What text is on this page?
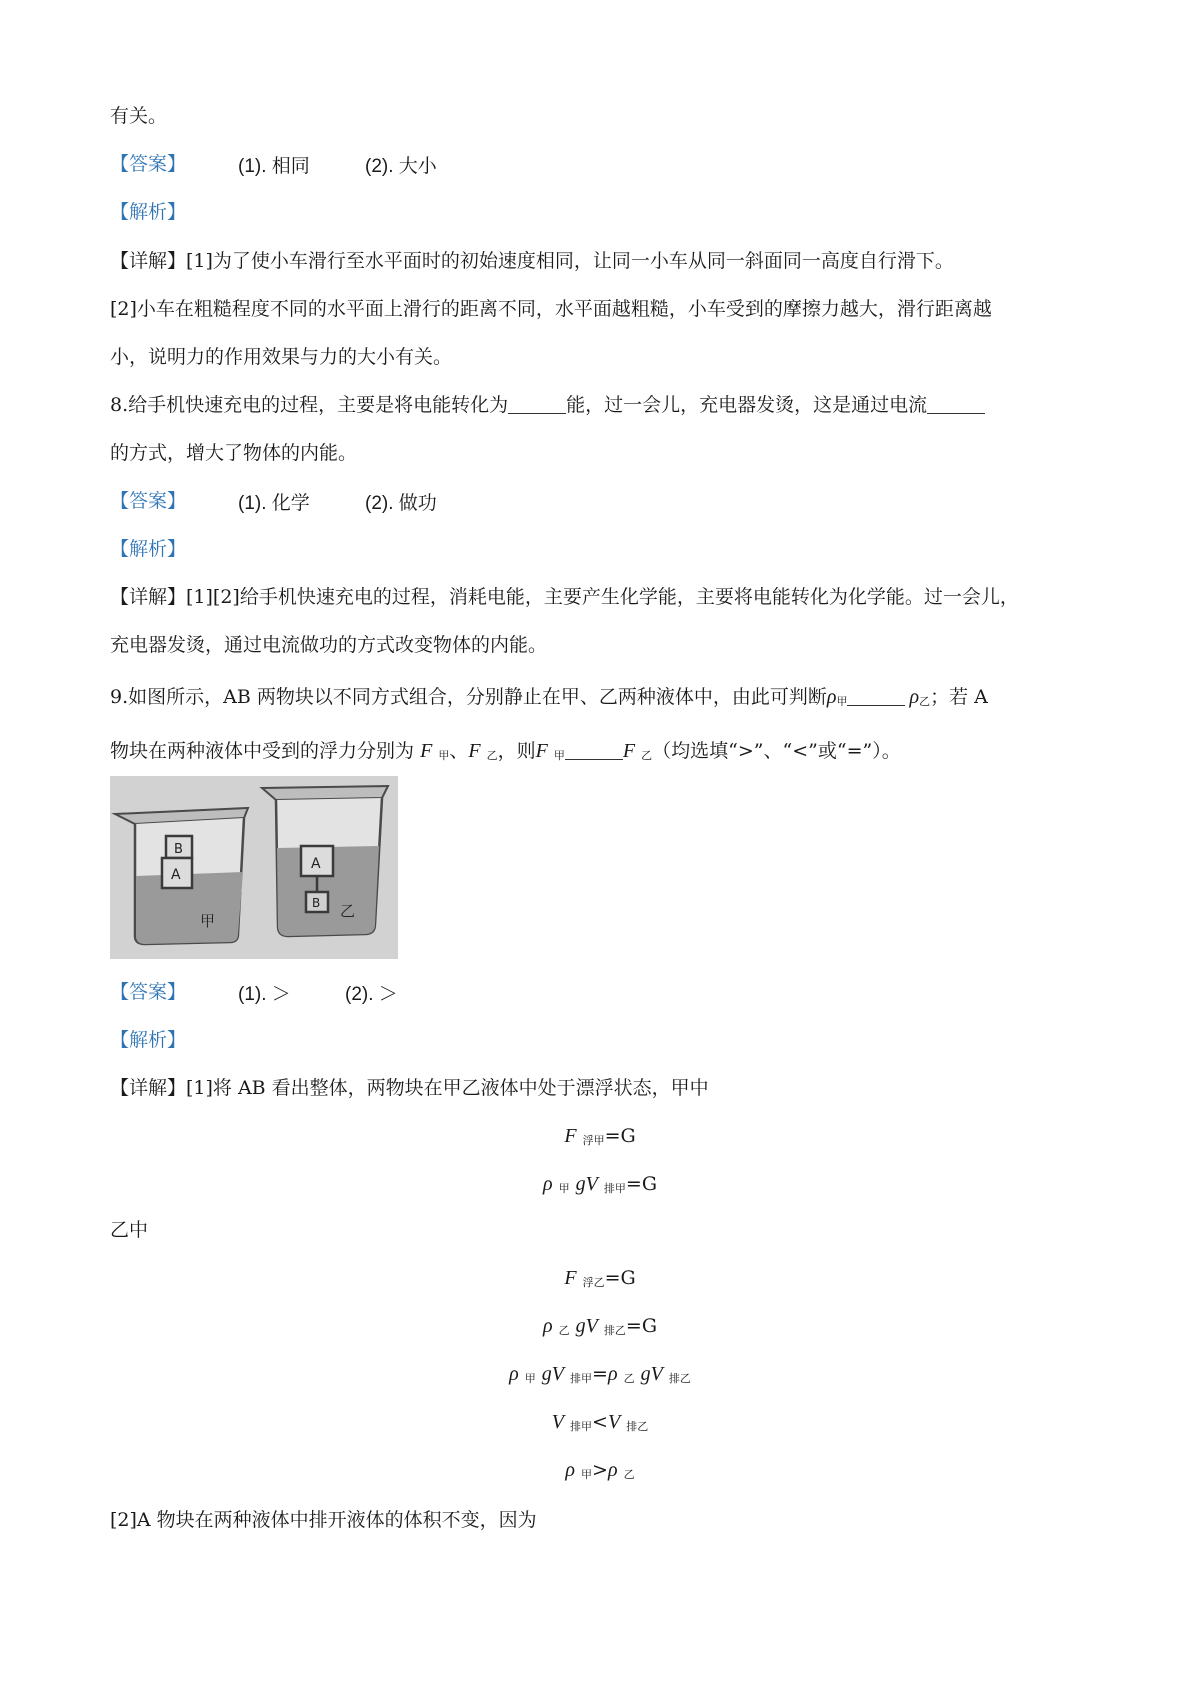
有关。
【答案】	(1). 相同	(2). 大小
【解析】
【详解】[1]为了使小车滑行至水平面时的初始速度相同，让同一小车从同一斜面同一高度自行滑下。
[2]小车在粗糙程度不同的水平面上滑行的距离不同，水平面越粗糙，小车受到的摩擦力越大，滑行距离越
小，说明力的作用效果与力的大小有关。
8.给手机快速充电的过程，主要是将电能转化为	能，过一会儿，充电器发烫，这是通过电流
的方式，增大了物体的内能。
【答案】	(1). 化学	(2). 做功
【解析】
【详解】[1][2]给手机快速充电的过程，消耗电能，主要产生化学能，主要将电能转化为化学能。过一会儿，
充电器发烫，通过电流做功的方式改变物体的内能。
9.如图所示，AB 两物块以不同方式组合，分别静止在甲、乙两种液体中，由此可判断ρ甲	ρ乙；若 A
物块在两种液体中受到的浮力分别为 F 甲、F 乙，则F 甲	F 乙（均选填“>”、“<”或“=”）。
B
A
甲
A
B 乙
【答案】	(1). ＞	(2). ＞
【解析】
【详解】[1]将 AB 看出整体，两物块在甲乙液体中处于漂浮状态，甲中
F 浮甲=G
ρ 甲 gV 排甲=G
乙中
F 浮乙=G
ρ 乙 gV 排乙=G
ρ 甲 gV 排甲=ρ 乙 gV 排乙
V 排甲<V 排乙
ρ 甲>ρ 乙
[2]A 物块在两种液体中排开液体的体积不变，因为
